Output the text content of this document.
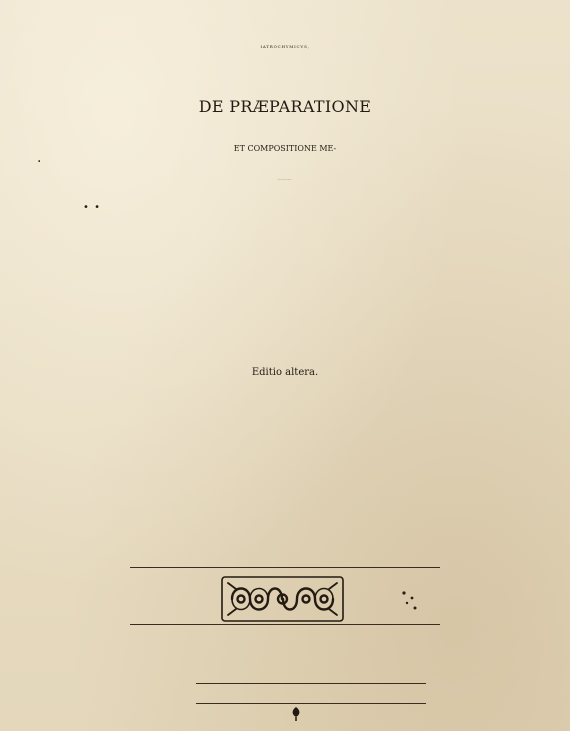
IATROCHYMICVS,
DE PRÆPARATIONE
ET COMPOSITIONE ME-
DICAMENTORVM CHYMI-
Editio altera.
·
• •
